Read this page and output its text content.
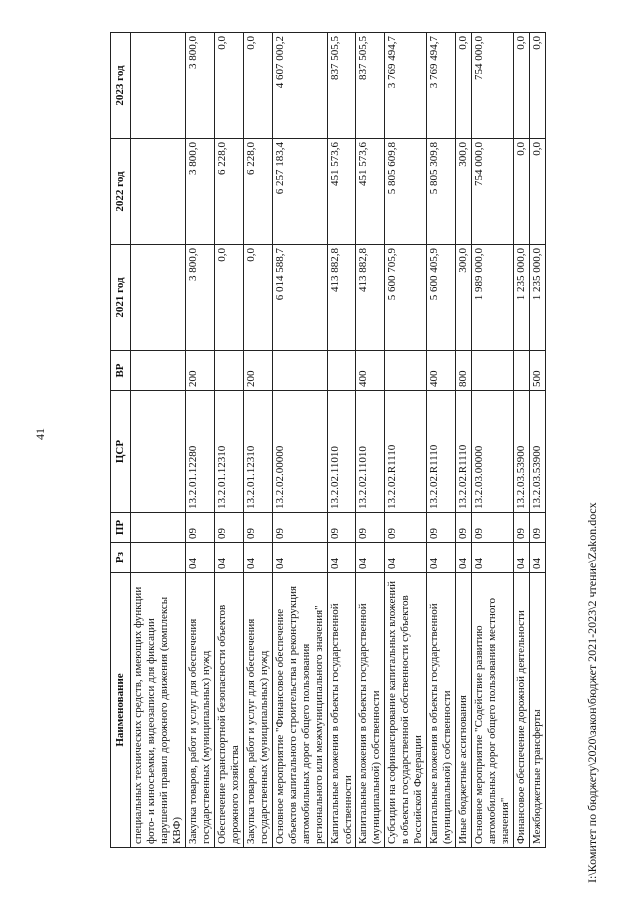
41
Наименование	Рз	ПР	ЦСР	ВР	2021 год	2022 год	2023 год
специальных технических средств, имеющих функции фото- и киносъемки, видеозаписи для фиксации нарушений правил дорожного движения (комплексы КВФ)							
Закупка товаров, работ и услуг для обеспечения государственных (муниципальных) нужд	04	09	13.2.01.12280	200	3 800,0	3 800,0	3 800,0
Обеспечение транспортной безопасности объектов дорожного хозяйства	04	09	13.2.01.12310		0,0	6 228,0	0,0
Закупка товаров, работ и услуг для обеспечения государственных (муниципальных) нужд	04	09	13.2.01.12310	200	0,0	6 228,0	0,0
Основное мероприятие "Финансовое обеспечение объектов капитального строительства и реконструкция автомобильных дорог общего пользования регионального или межмуниципального значения"	04	09	13.2.02.00000		6 014 588,7	6 257 183,4	4 607 000,2
Капитальные вложения в объекты государственной собственности	04	09	13.2.02.11010		413 882,8	451 573,6	837 505,5
Капитальные вложения в объекты государственной (муниципальной) собственности	04	09	13.2.02.11010	400	413 882,8	451 573,6	837 505,5
Субсидии на софинансирование капитальных вложений в объекты государственной собственности субъектов Российской Федерации	04	09	13.2.02.R1110		5 600 705,9	5 805 609,8	3 769 494,7
Капитальные вложения в объекты государственной (муниципальной) собственности	04	09	13.2.02.R1110	400	5 600 405,9	5 805 309,8	3 769 494,7
Иные бюджетные ассигнования	04	09	13.2.02.R1110	800	300,0	300,0	0,0
Основное мероприятие "Содействие развитию автомобильных дорог общего пользования местного значения"	04	09	13.2.03.00000		1 989 000,0	754 000,0	754 000,0
Финансовое обеспечение дорожной деятельности	04	09	13.2.03.53900		1 235 000,0	0,0	0,0
Межбюджетные трансферты	04	09	13.2.03.53900	500	1 235 000,0	0,0	0,0
I:\Комитет по бюджету\2020\закон\бюджет 2021-2023\2 чтение\Zakon.docx
